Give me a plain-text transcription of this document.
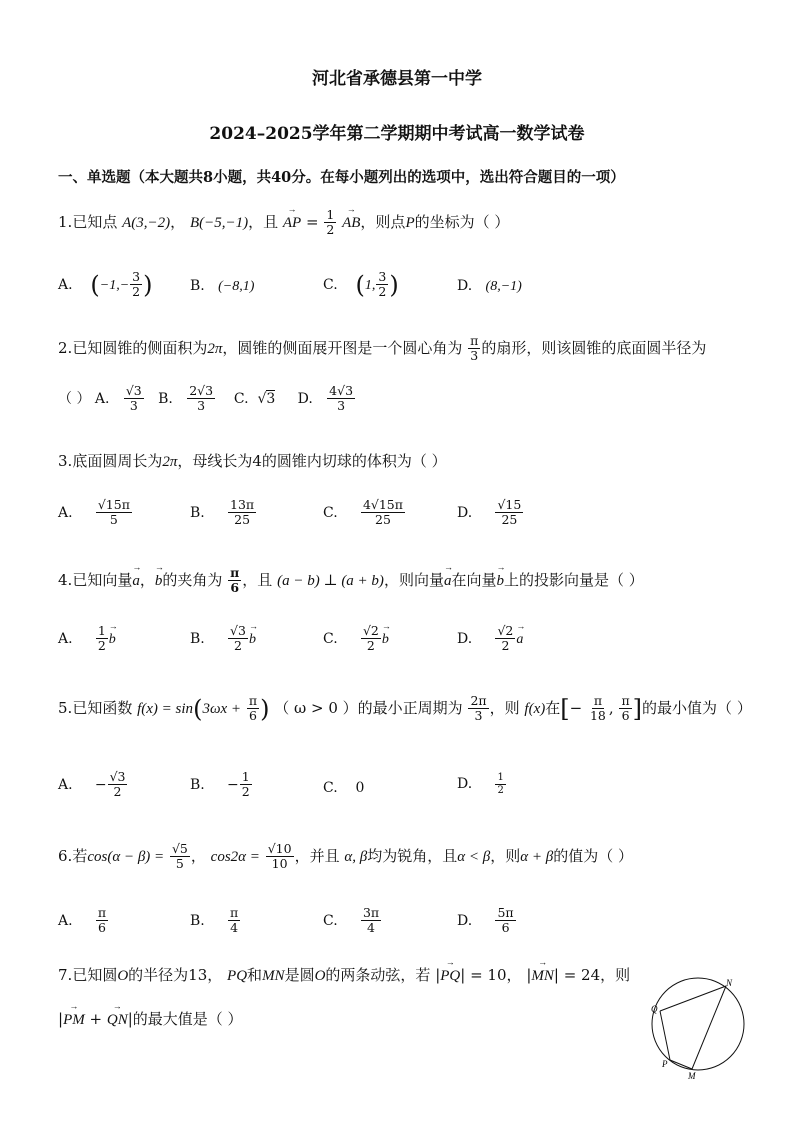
河北省承德县第一中学
2024–2025学年第二学期期中考试高一数学试卷
一、单选题（本大题共8小题，共40分。在每小题列出的选项中，选出符合题目的一项）
1.已知点 A(3,−2)， B(−5,−1)，且 → AP = $\frac{1}{2}$
→ AB，则点P的坐标为（ ）
A. ($-1,- \frac{3}{2}$ )	B. (−8,1)	C. (1, $\frac{3}{2}$ )	D. (8,−1)
2.已知圆锥的侧面积为2π，圆锥的侧面展开图是一个圆心角为 $\frac{\pi}{3}$ 的扇形，则该圆锥的底面圆半径为
（ ） A. $\frac{√3}{3} B$. $\frac{2√3}{3} C$.  √3 D. $\frac{4√3}{3}$
3.底面圆周长为2π，母线长为4的圆锥内切球的体积为（ ）
A. $\frac{√15\pi}{5}$	B. $\frac{13\pi}{25}$	C. $\frac{4√15\pi}{25}$	D. $\frac{√15}{25}$
4.已知向量→ a，→ b的夹角为 $\frac{\pi}{6}$ ，且 (a − b) ⊥ (a + b)，则向量→ a在向量→ b上的投影向量是（ ）
A. $\frac{1}{2}$
→ b	B. $\frac{√3}{2}$
→ b	C. $\frac{√2}{2}$
→ b	D. $\frac{√2}{2}$
→ a
5.已知函数 $f(x) = \sin(3\omega x + \frac{\pi}{6}$ ) （ ω > 0 ）的最小正周期为 $\frac{2\pi}{3}$ ，则 f(x)在[− $\frac{\pi}{18}$ , $\frac{\pi}{6}$ ]的最小值为（ ）
A. − $\frac{√3}{2}$	B. − $\frac{1}{2}$	C. 0	D. $\frac{1}{2}$
6.若$\cos(\alpha - \beta) = \frac{√5}{5}$ ， $\cos 2\alpha = \frac{√10}{10}$ ，并且 α, β均为锐角，且α < β，则α + β的值为（ ）
A. $\frac{\pi}{6}$	B. $\frac{\pi}{4}$	C. $\frac{3\pi}{4}$	D. $\frac{5\pi}{6}$
7.已知圆O的半径为13， PQ和MN是圆O的两条动弦，若 |→ PQ| = 10， |→ MN| = 24，则
|→ PM + → QN|的最大值是（ ）
N
Q
P
M
